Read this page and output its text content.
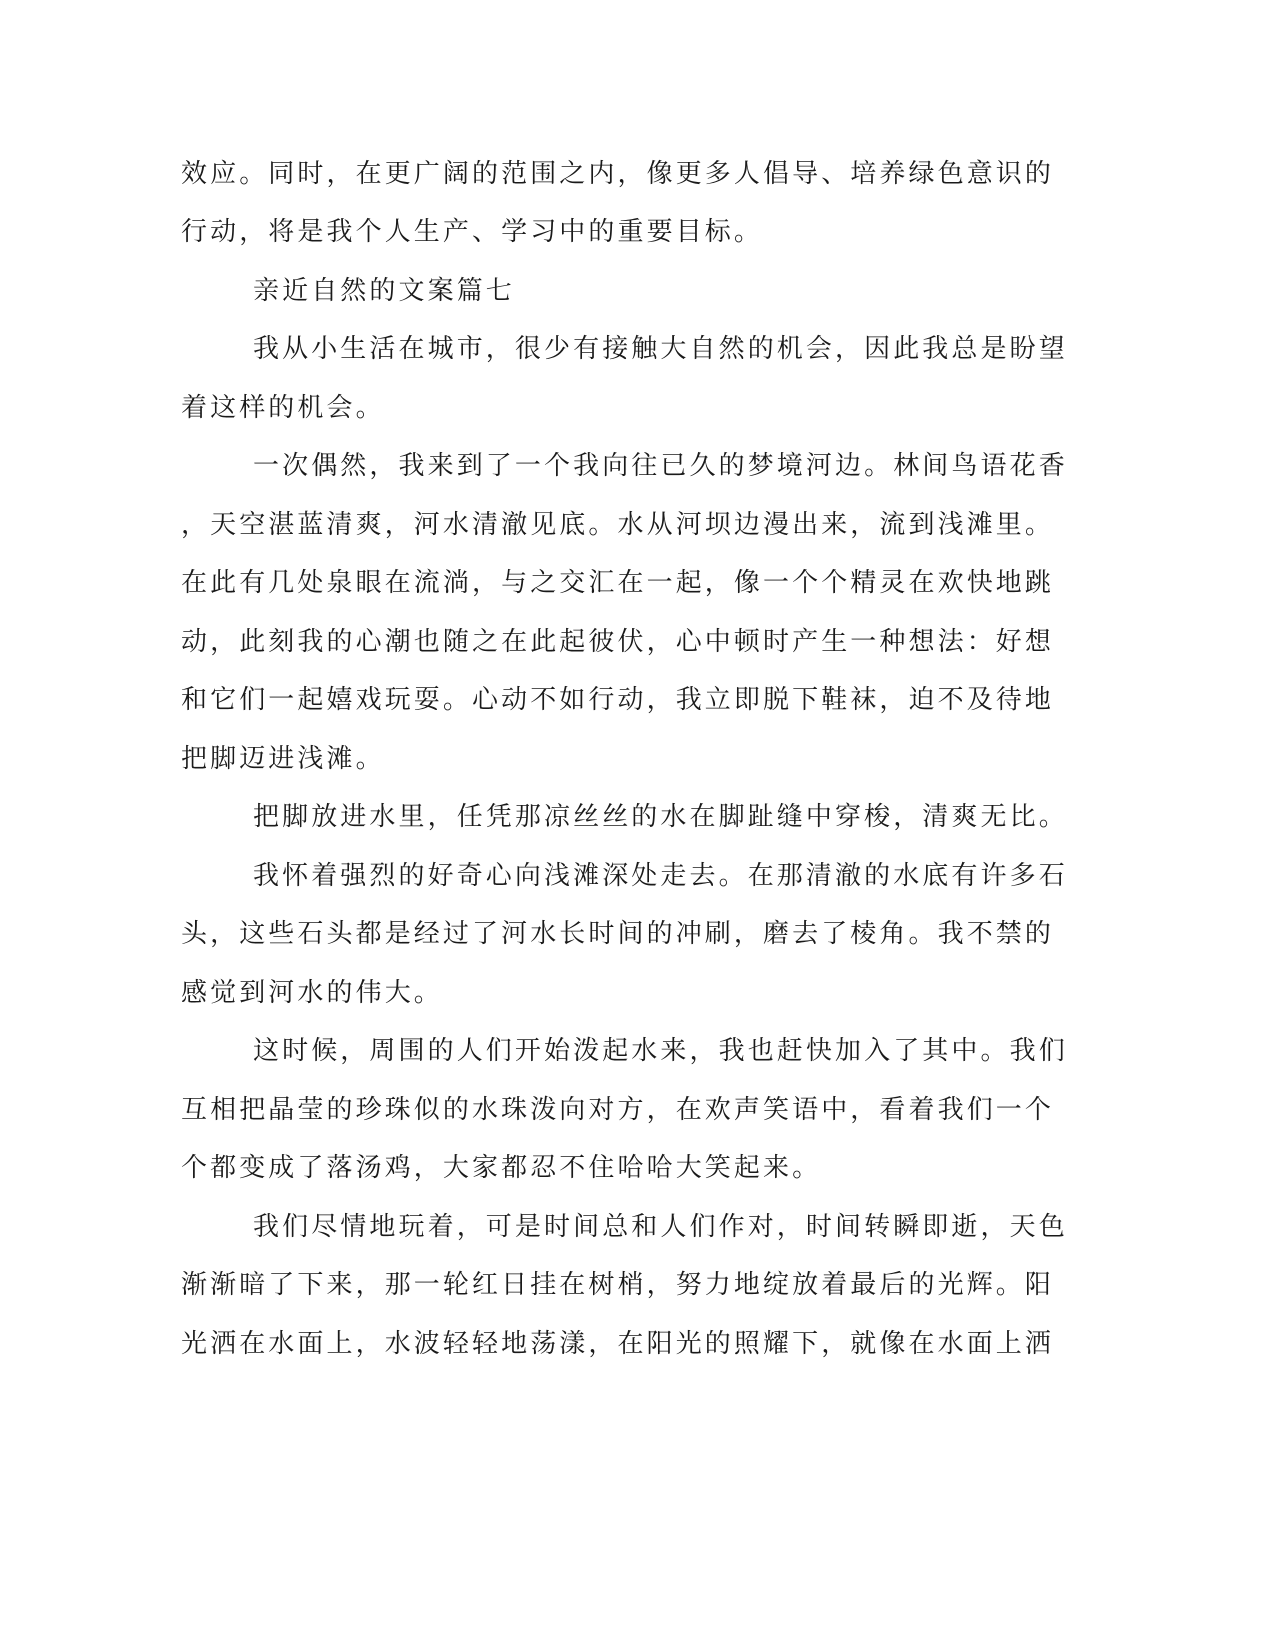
效应。同时，在更广阔的范围之内，像更多人倡导、培养绿色意识的
行动，将是我个人生产、学习中的重要目标。
亲近自然的文案篇七
我从小生活在城市，很少有接触大自然的机会，因此我总是盼望
着这样的机会。
一次偶然，我来到了一个我向往已久的梦境河边。林间鸟语花香
，天空湛蓝清爽，河水清澈见底。水从河坝边漫出来，流到浅滩里。
在此有几处泉眼在流淌，与之交汇在一起，像一个个精灵在欢快地跳
动，此刻我的心潮也随之在此起彼伏，心中顿时产生一种想法：好想
和它们一起嬉戏玩耍。心动不如行动，我立即脱下鞋袜，迫不及待地
把脚迈进浅滩。
把脚放进水里，任凭那凉丝丝的水在脚趾缝中穿梭，清爽无比。
我怀着强烈的好奇心向浅滩深处走去。在那清澈的水底有许多石
头，这些石头都是经过了河水长时间的冲刷，磨去了棱角。我不禁的
感觉到河水的伟大。
这时候，周围的人们开始泼起水来，我也赶快加入了其中。我们
互相把晶莹的珍珠似的水珠泼向对方，在欢声笑语中，看着我们一个
个都变成了落汤鸡，大家都忍不住哈哈大笑起来。
我们尽情地玩着，可是时间总和人们作对，时间转瞬即逝，天色
渐渐暗了下来，那一轮红日挂在树梢，努力地绽放着最后的光辉。阳
光洒在水面上，水波轻轻地荡漾，在阳光的照耀下，就像在水面上洒
